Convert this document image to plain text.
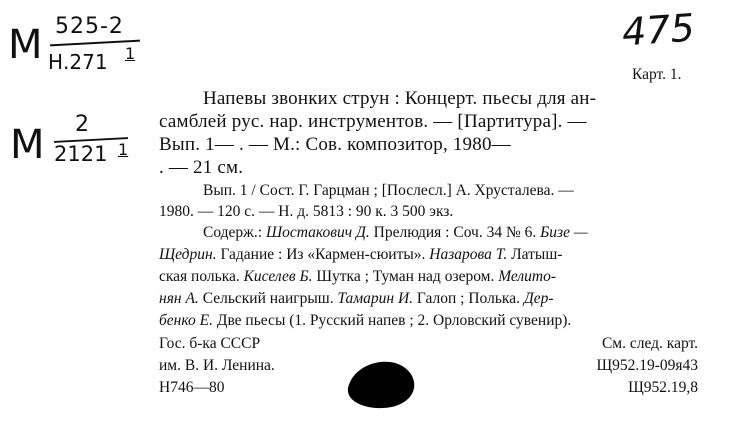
M 525-2
Н.271 1
M 2
2121 1
475
Карт. 1.
Напевы звонких струн : Концерт. пьесы для ан-
самблей рус. нар. инструментов. — [Партитура]. —
Вып. 1— . — М.: Сов. композитор, 1980—
. — 21 см.
Вып. 1 / Сост. Г. Гарцман ; [Послесл.] А. Хрусталева. —
1980. — 120 с. — Н. д. 5813 : 90 к. 3 500 экз.
Содерж.: Шостакович Д. Прелюдия : Соч. 34 № 6. Бизе —
Щедрин. Гадание : Из «Кармен-сюиты». Назарова Т. Латыш-
ская полька. Киселев Б. Шутка ; Туман над озером. Мелито-
нян А. Сельский наигрыш. Тамарин И. Галоп ; Полька. Дер-
бенко Е. Две пьесы (1. Русский напев ; 2. Орловский сувенир).
Гос. б-ка СССР
им. В. И. Ленина.
Н746—80
См. след. карт.
Щ952.19-09я43
Щ952.19,8
